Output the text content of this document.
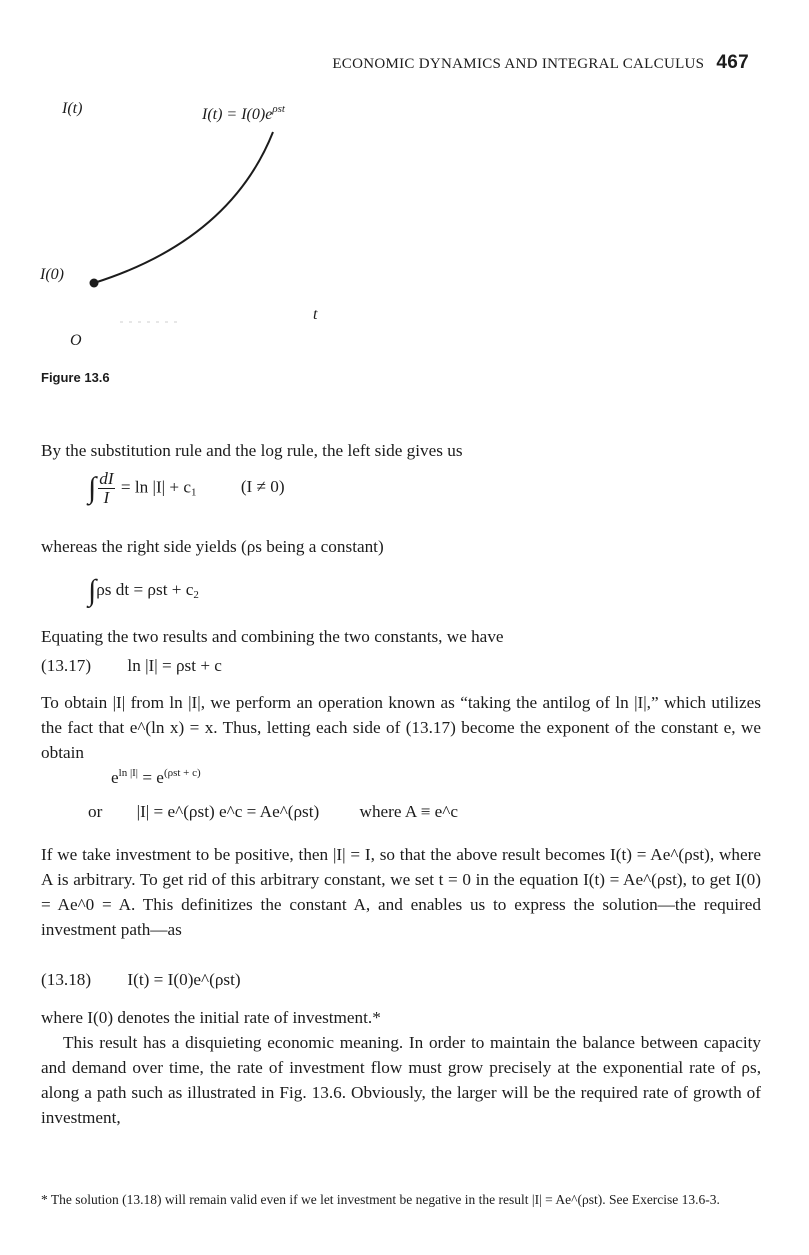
ECONOMIC DYNAMICS AND INTEGRAL CALCULUS 467
I(t)	$I(t) = I(0)e^{\rho st}$
I(0)
O
t
Figure 13.6
By the substitution rule and the log rule, the left side gives us
∫ $\frac{dI}{I} = \ln |I| + c_1$	(I ≠ 0)
whereas the right side yields (ρs being a constant)
∫ρs dt = $\rho st + c_2$
Equating the two results and combining the two constants, we have
(13.17) ln |I| = ρst + c
To obtain |I| from ln |I|, we perform an operation known as “taking the antilog of ln |I|,” which utilizes the fact that e^(ln x) = x. Thus, letting each side of (13.17) become the exponent of the constant e, we obtain
$e^{ln |I|} = e^{(\rho st + c)}$
or |I| = e^(ρst) e^c = Ae^(ρst) where A ≡ e^c
If we take investment to be positive, then |I| = I, so that the above result becomes I(t) = Ae^(ρst), where A is arbitrary. To get rid of this arbitrary constant, we set t = 0 in the equation I(t) = Ae^(ρst), to get I(0) = Ae^0 = A. This definitizes the constant A, and enables us to express the solution—the required investment path—as
(13.18) I(t) = I(0)e^(ρst)
where I(0) denotes the initial rate of investment.*
This result has a disquieting economic meaning. In order to maintain the balance between capacity and demand over time, the rate of investment flow must grow precisely at the exponential rate of ρs, along a path such as illustrated in Fig. 13.6. Obviously, the larger will be the required rate of growth of investment,
* The solution (13.18) will remain valid even if we let investment be negative in the result |I| = Ae^(ρst). See Exercise 13.6-3.
